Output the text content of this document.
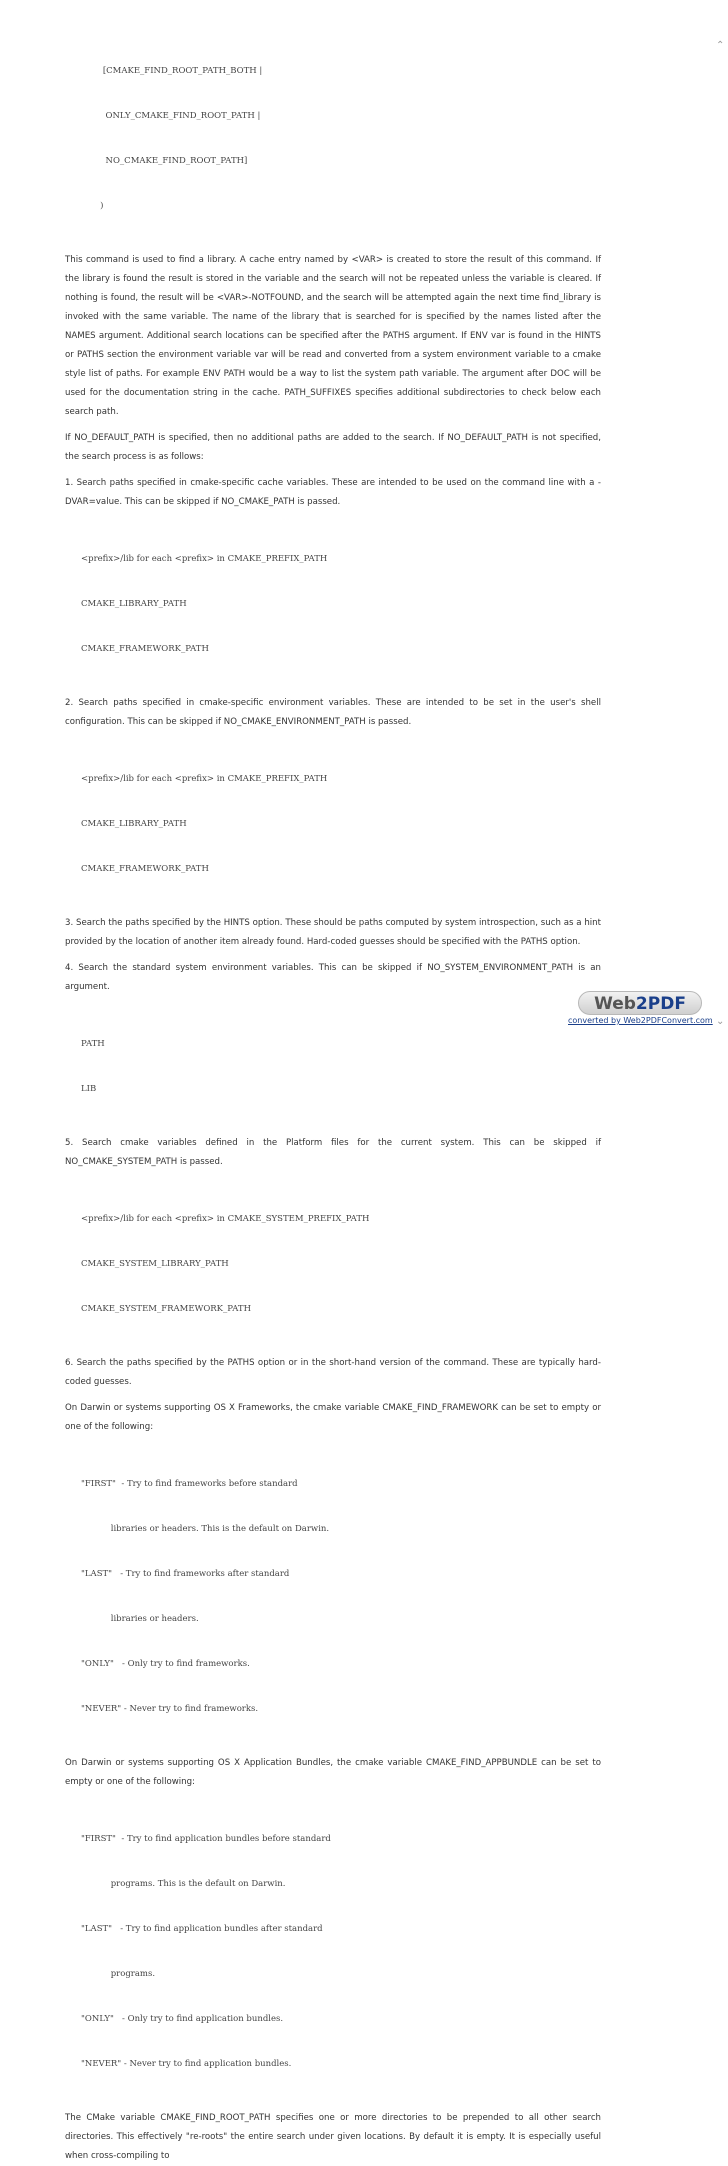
⌃

[CMAKE_FIND_ROOT_PATH_BOTH |

ONLY_CMAKE_FIND_ROOT_PATH |

NO_CMAKE_FIND_ROOT_PATH]

)

This command is used to find a library. A cache entry named by <VAR> is created to store the result of this command. If the library is found the result is stored in the variable and the search will not be repeated unless the variable is cleared. If nothing is found, the result will be <VAR>-NOTFOUND, and the search will be attempted again the next time find_library is invoked with the same variable. The name of the library that is searched for is specified by the names listed after the NAMES argument. Additional search locations can be specified after the PATHS argument. If ENV var is found in the HINTS or PATHS section the environment variable var will be read and converted from a system environment variable to a cmake style list of paths. For example ENV PATH would be a way to list the system path variable. The argument after DOC will be used for the documentation string in the cache. PATH_SUFFIXES specifies additional subdirectories to check below each search path.

If NO_DEFAULT_PATH is specified, then no additional paths are added to the search. If NO_DEFAULT_PATH is not specified, the search process is as follows:

1. Search paths specified in cmake-specific cache variables. These are intended to be used on the command line with a -DVAR=value. This can be skipped if NO_CMAKE_PATH is passed.

<prefix>/lib for each <prefix> in CMAKE_PREFIX_PATH

CMAKE_LIBRARY_PATH

CMAKE_FRAMEWORK_PATH

2. Search paths specified in cmake-specific environment variables. These are intended to be set in the user's shell configuration. This can be skipped if NO_CMAKE_ENVIRONMENT_PATH is passed.

<prefix>/lib for each <prefix> in CMAKE_PREFIX_PATH

CMAKE_LIBRARY_PATH

CMAKE_FRAMEWORK_PATH

3. Search the paths specified by the HINTS option. These should be paths computed by system introspection, such as a hint provided by the location of another item already found. Hard-coded guesses should be specified with the PATHS option.

4. Search the standard system environment variables. This can be skipped if NO_SYSTEM_ENVIRONMENT_PATH is an argument.

PATH

LIB

5. Search cmake variables defined in the Platform files for the current system. This can be skipped if NO_CMAKE_SYSTEM_PATH is passed.

<prefix>/lib for each <prefix> in CMAKE_SYSTEM_PREFIX_PATH

CMAKE_SYSTEM_LIBRARY_PATH

CMAKE_SYSTEM_FRAMEWORK_PATH

6. Search the paths specified by the PATHS option or in the short-hand version of the command. These are typically hard-coded guesses.

On Darwin or systems supporting OS X Frameworks, the cmake variable CMAKE_FIND_FRAMEWORK can be set to empty or one of the following:

"FIRST"  - Try to find frameworks before standard

libraries or headers. This is the default on Darwin.

"LAST"   - Try to find frameworks after standard

libraries or headers.

"ONLY"   - Only try to find frameworks.

"NEVER" - Never try to find frameworks.

On Darwin or systems supporting OS X Application Bundles, the cmake variable CMAKE_FIND_APPBUNDLE can be set to empty or one of the following:

"FIRST"  - Try to find application bundles before standard

programs. This is the default on Darwin.

"LAST"   - Try to find application bundles after standard

programs.

"ONLY"   - Only try to find application bundles.

"NEVER" - Never try to find application bundles.

The CMake variable CMAKE_FIND_ROOT_PATH specifies one or more directories to be prepended to all other search directories. This effectively "re-roots" the entire search under given locations. By default it is empty. It is especially useful when cross-compiling to

Web2PDF
converted by Web2PDFConvert.com ⌄
